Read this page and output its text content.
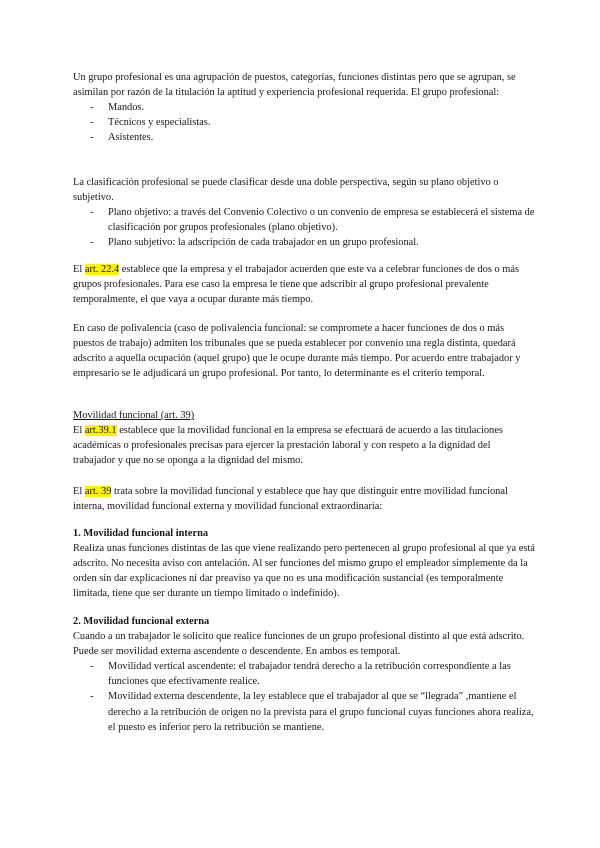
Un grupo profesional es una agrupación de puestos, categorías, funciones distintas pero que se agrupan, se asimilan por razón de la titulación la aptitud y experiencia profesional requerida. El grupo profesional:

- Mandos.
- Técnicos y especialistas.
- Asistentes.

La clasificación profesional se puede clasificar desde una doble perspectiva, según su plano objetivo o subjetivo.

- Plano objetivo: a través del Convenio Colectivo o un convenio de empresa se establecerá el sistema de clasificación por grupos profesionales (plano objetivo).
- Plano subjetivo: la adscripción de cada trabajador en un grupo profesional.

El art. 22.4 establece que la empresa y el trabajador acuerden que este va a celebrar funciones de dos o más grupos profesionales. Para ese caso la empresa le tiene que adscribir al grupo profesional prevalente temporalmente, el que vaya a ocupar durante más tiempo.

En caso de polivalencia (caso de polivalencia funcional: se compromete a hacer funciones de dos o más puestos de trabajo) admiten los tribunales que se pueda establecer por convenio una regla distinta, quedará adscrito a aquella ocupación (aquel grupo) que le ocupe durante más tiempo. Por acuerdo entre trabajador y empresario se le adjudicará un grupo profesional. Por tanto, lo determinante es el criterio temporal.

Movilidad funcional (art. 39)

El art.39.1 establece que la movilidad funcional en la empresa se efectuará de acuerdo a las titulaciones académicas o profesionales precisas para ejercer la prestación laboral y con respeto a la dignidad del trabajador y que no se oponga a la dignidad del mismo.

El art. 39 trata sobre la movilidad funcional y establece que hay que distinguir entre movilidad funcional interna, movilidad funcional externa y movilidad funcional extraordinaria:

1. Movilidad funcional interna

Realiza unas funciones distintas de las que viene realizando pero pertenecen al grupo profesional al que ya está adscrito. No necesita aviso con antelación. Al ser funciones del mismo grupo el empleador simplemente da la orden sin dar explicaciones ni dar preaviso ya que no es una modificación sustancial (es temporalmente limitada, tiene que ser durante un tiempo limitado o indefinido).

2. Movilidad funcional externa

Cuando a un trabajador le solicito que realice funciones de un grupo profesional distinto al que está adscrito. Puede ser movilidad externa ascendente o descendente. En ambos es temporal.

- Movilidad vertical ascendente: el trabajador tendrá derecho a la retribución correspondiente a las funciones que efectivamente realice.
- Movilidad externa descendente, la ley establece que el trabajador al que se “llegrada” ,mantiene el derecho a la retribución de origen no la prevista para el grupo funcional cuyas funciones ahora realiza, el puesto es inferior pero la retribución se mantiene.
